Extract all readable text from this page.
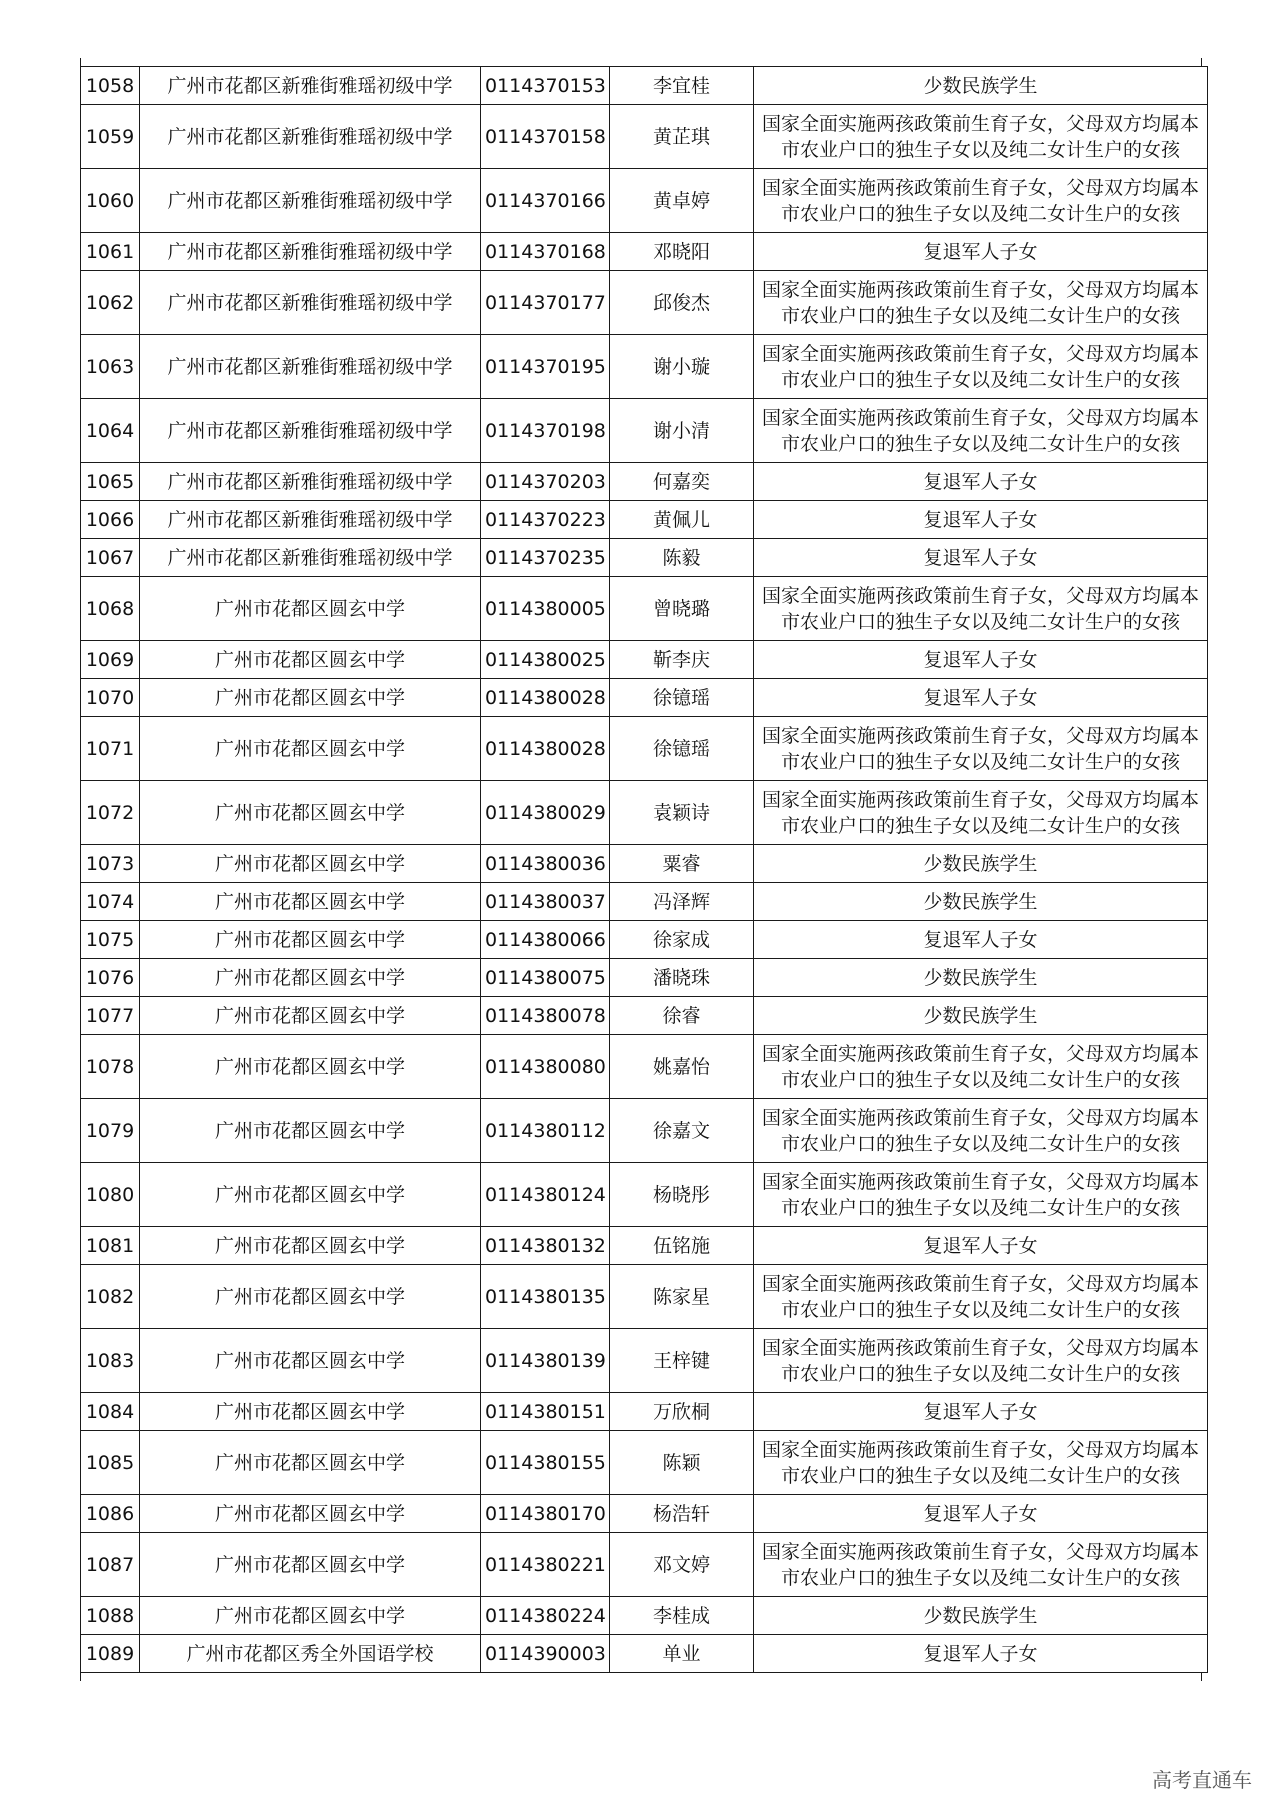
1058	广州市花都区新雅街雅瑶初级中学	0114370153	李宜桂	少数民族学生
1059	广州市花都区新雅街雅瑶初级中学	0114370158	黄芷琪	国家全面实施两孩政策前生育子女，父母双方均属本市农业户口的独生子女以及纯二女计生户的女孩
1060	广州市花都区新雅街雅瑶初级中学	0114370166	黄卓婷	国家全面实施两孩政策前生育子女，父母双方均属本市农业户口的独生子女以及纯二女计生户的女孩
1061	广州市花都区新雅街雅瑶初级中学	0114370168	邓晓阳	复退军人子女
1062	广州市花都区新雅街雅瑶初级中学	0114370177	邱俊杰	国家全面实施两孩政策前生育子女，父母双方均属本市农业户口的独生子女以及纯二女计生户的女孩
1063	广州市花都区新雅街雅瑶初级中学	0114370195	谢小璇	国家全面实施两孩政策前生育子女，父母双方均属本市农业户口的独生子女以及纯二女计生户的女孩
1064	广州市花都区新雅街雅瑶初级中学	0114370198	谢小清	国家全面实施两孩政策前生育子女，父母双方均属本市农业户口的独生子女以及纯二女计生户的女孩
1065	广州市花都区新雅街雅瑶初级中学	0114370203	何嘉奕	复退军人子女
1066	广州市花都区新雅街雅瑶初级中学	0114370223	黄佩儿	复退军人子女
1067	广州市花都区新雅街雅瑶初级中学	0114370235	陈毅	复退军人子女
1068	广州市花都区圆玄中学	0114380005	曾晓璐	国家全面实施两孩政策前生育子女，父母双方均属本市农业户口的独生子女以及纯二女计生户的女孩
1069	广州市花都区圆玄中学	0114380025	靳李庆	复退军人子女
1070	广州市花都区圆玄中学	0114380028	徐镱瑶	复退军人子女
1071	广州市花都区圆玄中学	0114380028	徐镱瑶	国家全面实施两孩政策前生育子女，父母双方均属本市农业户口的独生子女以及纯二女计生户的女孩
1072	广州市花都区圆玄中学	0114380029	袁颖诗	国家全面实施两孩政策前生育子女，父母双方均属本市农业户口的独生子女以及纯二女计生户的女孩
1073	广州市花都区圆玄中学	0114380036	粟睿	少数民族学生
1074	广州市花都区圆玄中学	0114380037	冯泽辉	少数民族学生
1075	广州市花都区圆玄中学	0114380066	徐家成	复退军人子女
1076	广州市花都区圆玄中学	0114380075	潘晓珠	少数民族学生
1077	广州市花都区圆玄中学	0114380078	徐睿	少数民族学生
1078	广州市花都区圆玄中学	0114380080	姚嘉怡	国家全面实施两孩政策前生育子女，父母双方均属本市农业户口的独生子女以及纯二女计生户的女孩
1079	广州市花都区圆玄中学	0114380112	徐嘉文	国家全面实施两孩政策前生育子女，父母双方均属本市农业户口的独生子女以及纯二女计生户的女孩
1080	广州市花都区圆玄中学	0114380124	杨晓彤	国家全面实施两孩政策前生育子女，父母双方均属本市农业户口的独生子女以及纯二女计生户的女孩
1081	广州市花都区圆玄中学	0114380132	伍铭施	复退军人子女
1082	广州市花都区圆玄中学	0114380135	陈家星	国家全面实施两孩政策前生育子女，父母双方均属本市农业户口的独生子女以及纯二女计生户的女孩
1083	广州市花都区圆玄中学	0114380139	王梓键	国家全面实施两孩政策前生育子女，父母双方均属本市农业户口的独生子女以及纯二女计生户的女孩
1084	广州市花都区圆玄中学	0114380151	万欣桐	复退军人子女
1085	广州市花都区圆玄中学	0114380155	陈颖	国家全面实施两孩政策前生育子女，父母双方均属本市农业户口的独生子女以及纯二女计生户的女孩
1086	广州市花都区圆玄中学	0114380170	杨浩轩	复退军人子女
1087	广州市花都区圆玄中学	0114380221	邓文婷	国家全面实施两孩政策前生育子女，父母双方均属本市农业户口的独生子女以及纯二女计生户的女孩
1088	广州市花都区圆玄中学	0114380224	李桂成	少数民族学生
1089	广州市花都区秀全外国语学校	0114390003	单业	复退军人子女
高考直通车
